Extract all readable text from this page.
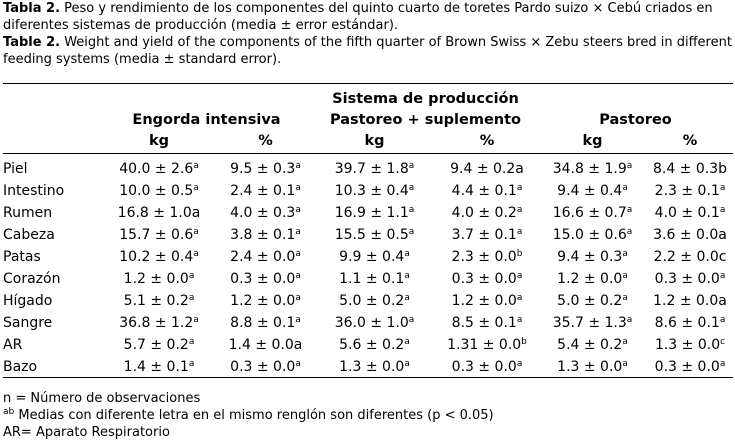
Tabla 2. Peso y rendimiento de los componentes del quinto cuarto de toretes Pardo suizo × Cebú criados en diferentes sistemas de producción (media ± error estándar).
Table 2. Weight and yield of the components of the fifth quarter of Brown Swiss × Zebu steers bred in different feeding systems (media ± standard error).
			Sistema de producción			
	Engorda intensiva		Pastoreo + suplemento		Pastoreo	
	kg	%	kg	%	kg	%
Piel	40.0 ± 2.6$^a$	9.5 ± 0.3$^a$	39.7 ± 1.8$^a$	9.4 ± 0.2a	34.8 ± 1.9$^a$	8.4 ± 0.3b
Intestino	10.0 ± 0.5$^a$	2.4 ± 0.1$^a$	10.3 ± 0.4$^a$	4.4 ± 0.1$^a$	9.4 ± 0.4$^a$	2.3 ± 0.1$^a$
Rumen	16.8 ± 1.0a	4.0 ± 0.3$^a$	16.9 ± 1.1$^a$	4.0 ± 0.2$^a$	16.6 ± 0.7$^a$	4.0 ± 0.1$^a$
Cabeza	15.7 ± 0.6$^a$	3.8 ± 0.1$^a$	15.5 ± 0.5$^a$	3.7 ± 0.1$^a$	15.0 ± 0.6$^a$	3.6 ± 0.0a
Patas	10.2 ± 0.4$^a$	2.4 ± 0.0$^a$	9.9 ± 0.4$^a$	2.3 ± 0.0$^b$	9.4 ± 0.3$^a$	2.2 ± 0.0c
Corazón	1.2 ± 0.0$^a$	0.3 ± 0.0$^a$	1.1 ± 0.1$^a$	0.3 ± 0.0$^a$	1.2 ± 0.0$^a$	0.3 ± 0.0$^a$
Hígado	5.1 ± 0.2$^a$	1.2 ± 0.0$^a$	5.0 ± 0.2$^a$	1.2 ± 0.0$^a$	5.0 ± 0.2$^a$	1.2 ± 0.0a
Sangre	36.8 ± 1.2$^a$	8.8 ± 0.1$^a$	36.0 ± 1.0$^a$	8.5 ± 0.1$^a$	35.7 ± 1.3$^a$	8.6 ± 0.1$^a$
AR	5.7 ± 0.2$^a$	1.4 ± 0.0a	5.6 ± 0.2$^a$	1.31 ± 0.0$^b$	5.4 ± 0.2$^a$	1.3 ± 0.0$^c$
Bazo	1.4 ± 0.1$^a$	0.3 ± 0.0$^a$	1.3 ± 0.0$^a$	0.3 ± 0.0$^a$	1.3 ± 0.0$^a$	0.3 ± 0.0$^a$
n = Número de observaciones
$^{ab}$ Medias con diferente letra en el mismo renglón son diferentes (p < 0.05)
AR= Aparato Respiratorio
